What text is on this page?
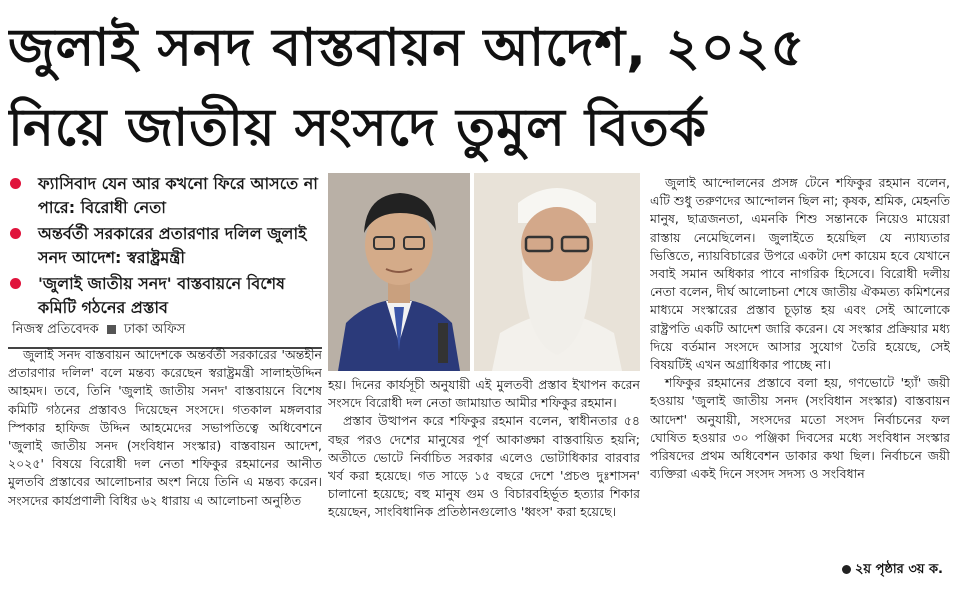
জুলাই সনদ বাস্তবায়ন আদেশ, ২০২৫
নিয়ে জাতীয় সংসদে তুমুল বিতর্ক
ফ্যাসিবাদ যেন আর কখনো ফিরে আসতে না পারে: বিরোধী নেতা
অন্তর্বর্তী সরকারের প্রতারণার দলিল জুলাই সনদ আদেশ: স্বরাষ্ট্রমন্ত্রী
'জুলাই জাতীয় সনদ' বাস্তবায়নে বিশেষ কমিটি গঠনের প্রস্তাব
নিজস্ব প্রতিবেদক ঢাকা অফিস

জুলাই সনদ বাস্তবায়ন আদেশকে অন্তর্বর্তী সরকারের 'অন্তহীন প্রতারণার দলিল' বলে মন্তব্য করেছেন স্বরাষ্ট্রমন্ত্রী সালাহউদ্দিন আহমদ। তবে, তিনি 'জুলাই জাতীয় সনদ' বাস্তবায়নে বিশেষ কমিটি গঠনের প্রস্তাবও দিয়েছেন সংসদে। গতকাল মঙ্গলবার স্পিকার হাফিজ উদ্দিন আহমেদের সভাপতিত্বে অধিবেশনে 'জুলাই জাতীয় সনদ (সংবিধান সংস্কার) বাস্তবায়ন আদেশ, ২০২৫' বিষয়ে বিরোধী দল নেতা শফিকুর রহমানের আনীত মুলতবি প্রস্তাবের আলোচনার অংশ নিয়ে তিনি এ মন্তব্য করেন। সংসদের কার্যপ্রণালী বিধির ৬২ ধারায় এ আলোচনা অনুষ্ঠিত

হয়। দিনের কার্যসূচী অনুযায়ী এই মুলতবী প্রস্তাব ইখাপন করেন সংসদে বিরোধী দল নেতা জামায়াত আমীর শফিকুর রহমান।

প্রস্তাব উত্থাপন করে শফিকুর রহমান বলেন, স্বাধীনতার ৫৪ বছর পরও দেশের মানুষের পূর্ণ আকাঙ্ক্ষা বাস্তবায়িত হয়নি; অতীতে ভোটে নির্বাচিত সরকার এলেও ভোটাধিকার বারবার খর্ব করা হয়েছে। গত সাড়ে ১৫ বছরে দেশে 'প্রচণ্ড দুঃশাসন' চালানো হয়েছে; বহু মানুষ গুম ও বিচারবহির্ভূত হত্যার শিকার হয়েছেন, সাংবিধানিক প্রতিষ্ঠানগুলোও 'ধ্বংস' করা হয়েছে।

জুলাই আন্দোলনের প্রসঙ্গ টেনে শফিকুর রহমান বলেন, এটি শুধু তরুণদের আন্দোলন ছিল না; কৃষক, শ্রমিক, মেহনতি মানুষ, ছাত্রজনতা, এমনকি শিশু সন্তানকে নিয়েও মায়েরা রাস্তায় নেমেছিলেন। জুলাইতে হয়েছিল যে ন্যায্যতার ভিত্তিতে, ন্যায়বিচারের উপরে একটা দেশ কায়েম হবে যেখানে সবাই সমান অধিকার পাবে নাগরিক হিসেবে। বিরোধী দলীয় নেতা বলেন, দীর্ঘ আলোচনা শেষে জাতীয় ঐকমত্য কমিশনের মাধ্যমে সংস্কারের প্রস্তাব চূড়ান্ত হয় এবং সেই আলোকে রাষ্ট্রপতি একটি আদেশ জারি করেন। যে সংস্কার প্রক্রিয়ার মধ্য দিয়ে বর্তমান সংসদে আসার সুযোগ তৈরি হয়েছে, সেই বিষয়টিই এখন অগ্রাধিকার পাচ্ছে না।

শফিকুর রহমানের প্রস্তাবে বলা হয়, গণভোটে 'হ্যাঁ' জয়ী হওয়ায় 'জুলাই জাতীয় সনদ (সংবিধান সংস্কার) বাস্তবায়ন আদেশ' অনুযায়ী, সংসদের মতো সংসদ নির্বাচনের ফল ঘোষিত হওয়ার ৩০ পঞ্জিকা দিবসের মধ্যে সংবিধান সংস্কার পরিষদের প্রথম অধিবেশন ডাকার কথা ছিল। নির্বাচনে জয়ী ব্যক্তিরা একই দিনে সংসদ সদস্য ও সংবিধান

২য় পৃষ্ঠার ৩য় ক.
